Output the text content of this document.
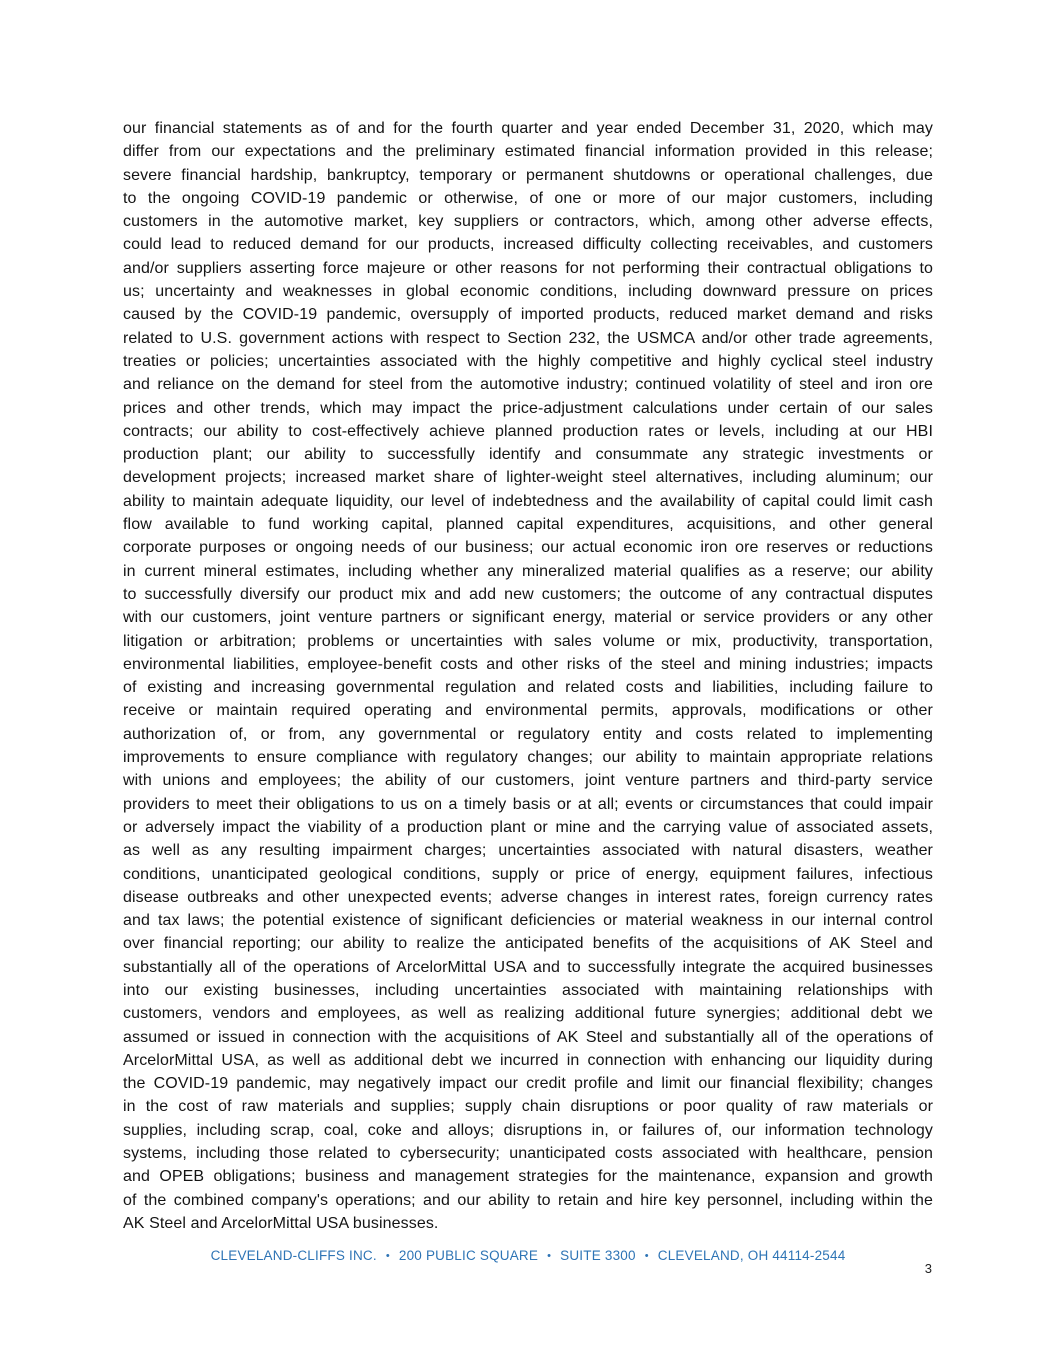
our financial statements as of and for the fourth quarter and year ended December 31, 2020, which may
differ from our expectations and the preliminary estimated financial information provided in this release;
severe financial hardship, bankruptcy, temporary or permanent shutdowns or operational challenges, due
to the ongoing COVID-19 pandemic or otherwise, of one or more of our major customers, including
customers in the automotive market, key suppliers or contractors, which, among other adverse effects,
could lead to reduced demand for our products, increased difficulty collecting receivables, and customers
and/or suppliers asserting force majeure or other reasons for not performing their contractual obligations to
us; uncertainty and weaknesses in global economic conditions, including downward pressure on prices
caused by the COVID-19 pandemic, oversupply of imported products, reduced market demand and risks
related to U.S. government actions with respect to Section 232, the USMCA and/or other trade agreements,
treaties or policies; uncertainties associated with the highly competitive and highly cyclical steel industry
and reliance on the demand for steel from the automotive industry; continued volatility of steel and iron ore
prices and other trends, which may impact the price-adjustment calculations under certain of our sales
contracts; our ability to cost-effectively achieve planned production rates or levels, including at our HBI
production plant; our ability to successfully identify and consummate any strategic investments or
development projects; increased market share of lighter-weight steel alternatives, including aluminum; our
ability to maintain adequate liquidity, our level of indebtedness and the availability of capital could limit cash
flow available to fund working capital, planned capital expenditures, acquisitions, and other general
corporate purposes or ongoing needs of our business; our actual economic iron ore reserves or reductions
in current mineral estimates, including whether any mineralized material qualifies as a reserve; our ability
to successfully diversify our product mix and add new customers; the outcome of any contractual disputes
with our customers, joint venture partners or significant energy, material or service providers or any other
litigation or arbitration; problems or uncertainties with sales volume or mix, productivity, transportation,
environmental liabilities, employee-benefit costs and other risks of the steel and mining industries; impacts
of existing and increasing governmental regulation and related costs and liabilities, including failure to
receive or maintain required operating and environmental permits, approvals, modifications or other
authorization of, or from, any governmental or regulatory entity and costs related to implementing
improvements to ensure compliance with regulatory changes; our ability to maintain appropriate relations
with unions and employees; the ability of our customers, joint venture partners and third-party service
providers to meet their obligations to us on a timely basis or at all; events or circumstances that could impair
or adversely impact the viability of a production plant or mine and the carrying value of associated assets,
as well as any resulting impairment charges; uncertainties associated with natural disasters, weather
conditions, unanticipated geological conditions, supply or price of energy, equipment failures, infectious
disease outbreaks and other unexpected events; adverse changes in interest rates, foreign currency rates
and tax laws; the potential existence of significant deficiencies or material weakness in our internal control
over financial reporting; our ability to realize the anticipated benefits of the acquisitions of AK Steel and
substantially all of the operations of ArcelorMittal USA and to successfully integrate the acquired businesses
into our existing businesses, including uncertainties associated with maintaining relationships with
customers, vendors and employees, as well as realizing additional future synergies; additional debt we
assumed or issued in connection with the acquisitions of AK Steel and substantially all of the operations of
ArcelorMittal USA, as well as additional debt we incurred in connection with enhancing our liquidity during
the COVID-19 pandemic, may negatively impact our credit profile and limit our financial flexibility; changes
in the cost of raw materials and supplies; supply chain disruptions or poor quality of raw materials or
supplies, including scrap, coal, coke and alloys; disruptions in, or failures of, our information technology
systems, including those related to cybersecurity; unanticipated costs associated with healthcare, pension
and OPEB obligations; business and management strategies for the maintenance, expansion and growth
of the combined company's operations; and our ability to retain and hire key personnel, including within the
AK Steel and ArcelorMittal USA businesses.
CLEVELAND-CLIFFS INC. • 200 PUBLIC SQUARE • SUITE 3300 • CLEVELAND, OH 44114-2544
3
